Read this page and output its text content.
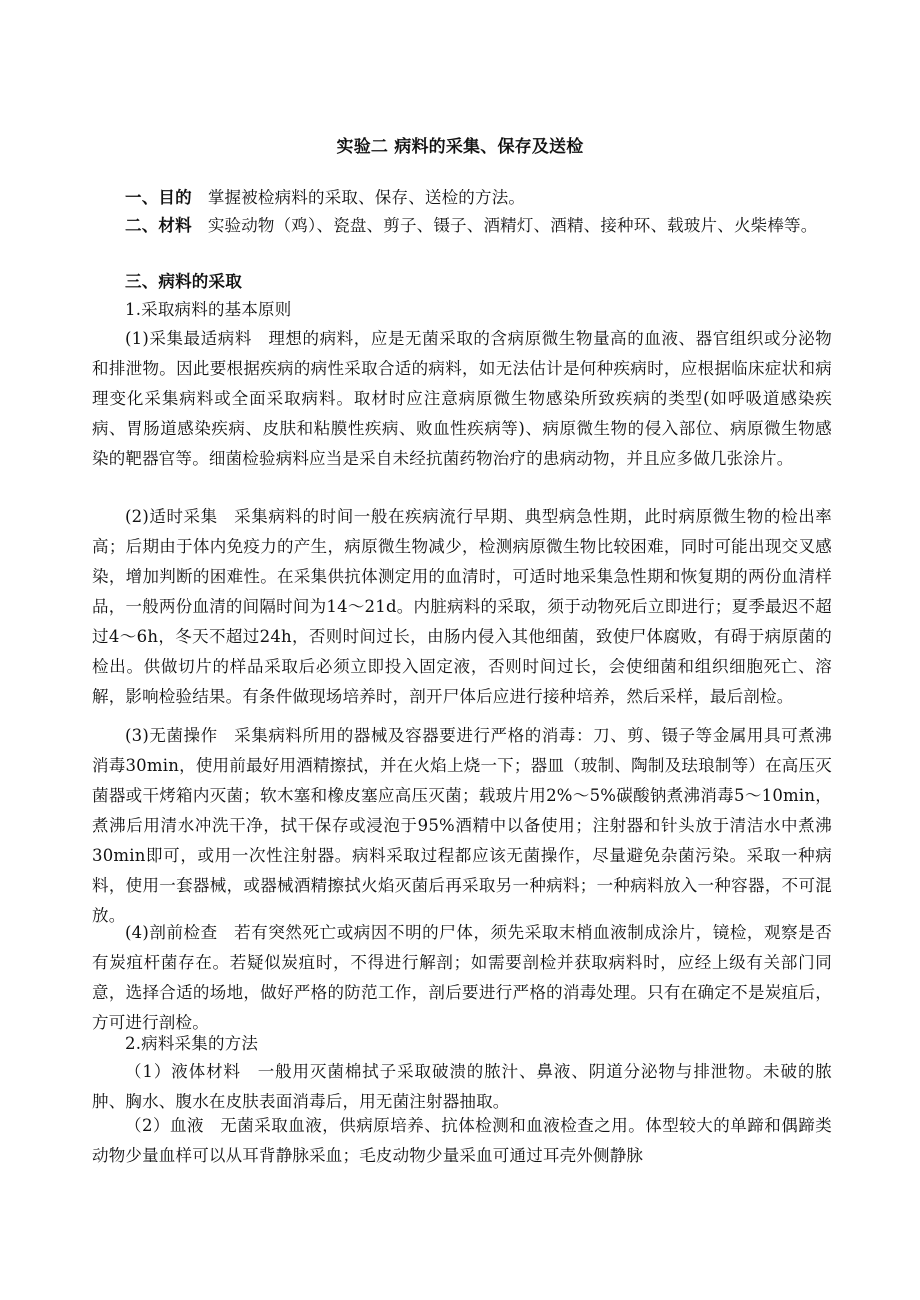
实验二 病料的采集、保存及送检
一、目的 掌握被检病料的采取、保存、送检的方法。
二、材料 实验动物（鸡）、瓷盘、剪子、镊子、酒精灯、酒精、接种环、载玻片、火柴棒等。
三、病料的采取
1.采取病料的基本原则
(1)采集最适病料 理想的病料，应是无菌采取的含病原微生物量高的血液、器官组织或分泌物和排泄物。因此要根据疾病的病性采取合适的病料，如无法估计是何种疾病时，应根据临床症状和病理变化采集病料或全面采取病料。取材时应注意病原微生物感染所致疾病的类型(如呼吸道感染疾病、胃肠道感染疾病、皮肤和粘膜性疾病、败血性疾病等)、病原微生物的侵入部位、病原微生物感染的靶器官等。细菌检验病料应当是采自未经抗菌药物治疗的患病动物，并且应多做几张涂片。
(2)适时采集 采集病料的时间一般在疾病流行早期、典型病急性期，此时病原微生物的检出率高；后期由于体内免疫力的产生，病原微生物减少，检测病原微生物比较困难，同时可能出现交叉感染，增加判断的困难性。在采集供抗体测定用的血清时，可适时地采集急性期和恢复期的两份血清样品，一般两份血清的间隔时间为14～21d。内脏病料的采取，须于动物死后立即进行；夏季最迟不超过4～6h，冬天不超过24h，否则时间过长，由肠内侵入其他细菌，致使尸体腐败，有碍于病原菌的检出。供做切片的样品采取后必须立即投入固定液，否则时间过长，会使细菌和组织细胞死亡、溶解，影响检验结果。有条件做现场培养时，剖开尸体后应进行接种培养，然后采样，最后剖检。
(3)无菌操作 采集病料所用的器械及容器要进行严格的消毒：刀、剪、镊子等金属用具可煮沸消毒30min，使用前最好用酒精擦拭，并在火焰上烧一下；器皿（玻制、陶制及珐琅制等）在高压灭菌器或干烤箱内灭菌；软木塞和橡皮塞应高压灭菌；载玻片用2%～5%碳酸钠煮沸消毒5～10min，煮沸后用清水冲洗干净，拭干保存或浸泡于95%酒精中以备使用；注射器和针头放于清洁水中煮沸30min即可，或用一次性注射器。病料采取过程都应该无菌操作，尽量避免杂菌污染。采取一种病料，使用一套器械，或器械酒精擦拭火焰灭菌后再采取另一种病料；一种病料放入一种容器，不可混放。
(4)剖前检查 若有突然死亡或病因不明的尸体，须先采取末梢血液制成涂片，镜检，观察是否有炭疽杆菌存在。若疑似炭疽时，不得进行解剖；如需要剖检并获取病料时，应经上级有关部门同意，选择合适的场地，做好严格的防范工作，剖后要进行严格的消毒处理。只有在确定不是炭疽后，方可进行剖检。
2.病料采集的方法
（1）液体材料 一般用灭菌棉拭子采取破溃的脓汁、鼻液、阴道分泌物与排泄物。未破的脓肿、胸水、腹水在皮肤表面消毒后，用无菌注射器抽取。
（2）血液 无菌采取血液，供病原培养、抗体检测和血液检查之用。体型较大的单蹄和偶蹄类动物少量血样可以从耳背静脉采血；毛皮动物少量采血可通过耳壳外侧静脉
